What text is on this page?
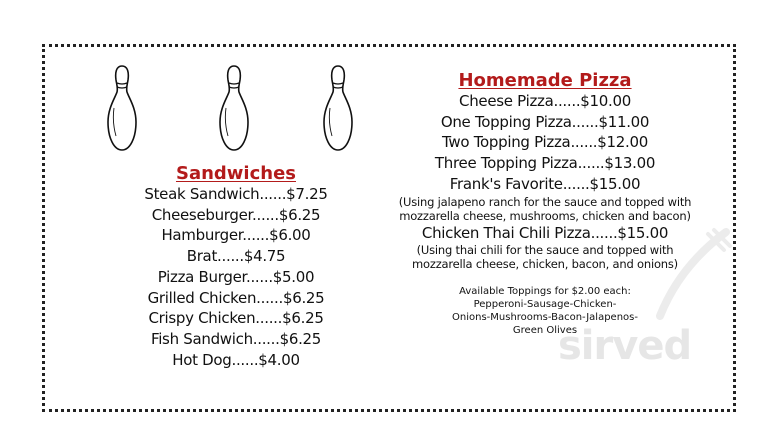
Sandwiches
Steak Sandwich......$7.25
Cheeseburger......$6.25
Hamburger......$6.00
Brat......$4.75
Pizza Burger......$5.00
Grilled Chicken......$6.25
Crispy Chicken......$6.25
Fish Sandwich......$6.25
Hot Dog......$4.00
Homemade Pizza
Cheese Pizza......$10.00
One Topping Pizza......$11.00
Two Topping Pizza......$12.00
Three Topping Pizza......$13.00
Frank's Favorite......$15.00
(Using jalapeno ranch for the sauce and topped with mozzarella cheese, mushrooms, chicken and bacon)
Chicken Thai Chili Pizza......$15.00
(Using thai chili for the sauce and topped with mozzarella cheese, chicken, bacon, and onions)
Available Toppings for $2.00 each:
Pepperoni-Sausage-Chicken-
Onions-Mushrooms-Bacon-Jalapenos-
Green Olives
sirved
